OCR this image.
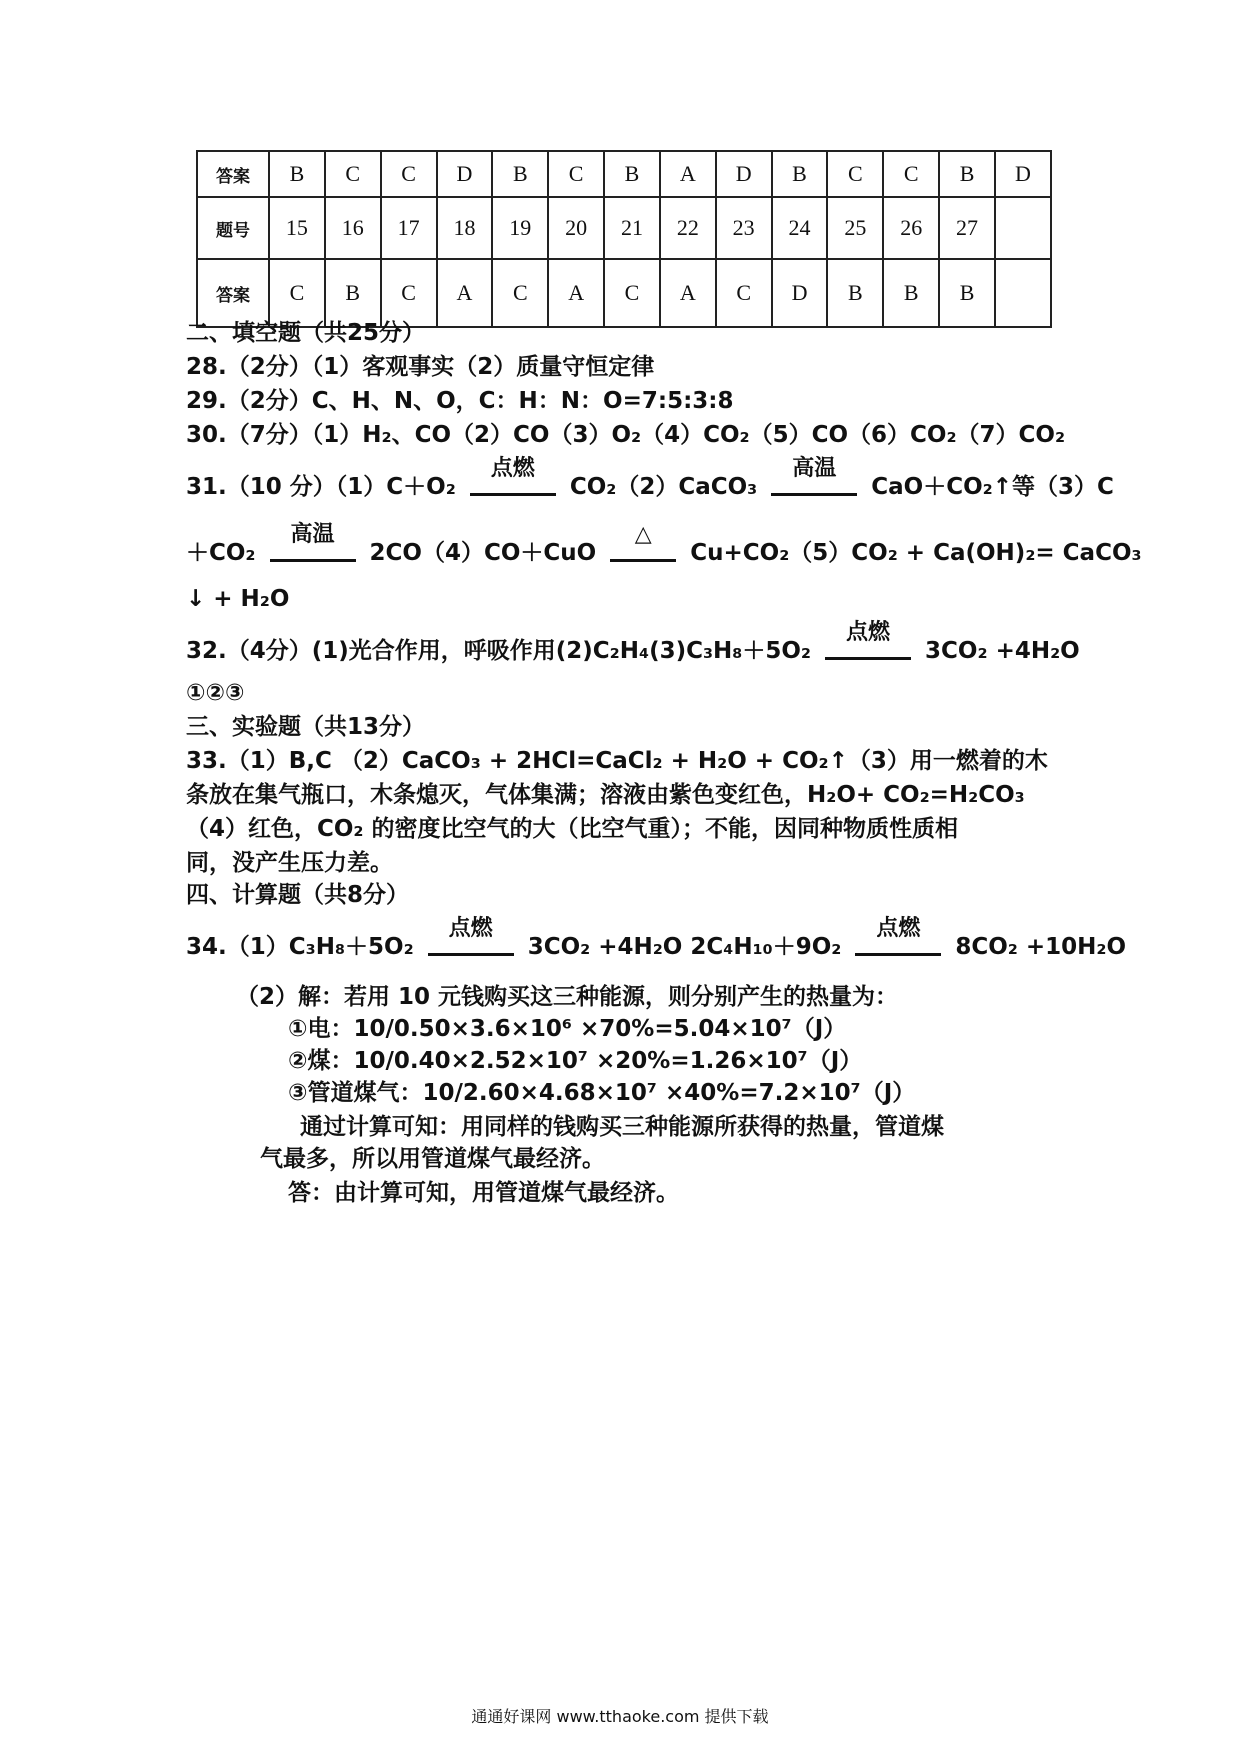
答案	B	C	C	D	B	C	B	A	D	B	C	C	B	D
题号	15	16	17	18	19	20	21	22	23	24	25	26	27	
答案	C	B	C	A	C	A	C	A	C	D	B	B	B	
二、填空题（共25分）
28.（2分）（1）客观事实（2）质量守恒定律
29.（2分）C、H、N、O，C：H：N：O=7:5:3:8
30.（7分）（1）H₂、CO（2）CO（3）O₂（4）CO₂（5）CO（6）CO₂（7）CO₂
31.（10 分）（1）C＋O₂
点燃
CO₂（2）CaCO₃
高温
CaO＋CO₂↑等（3）C
＋CO₂
高温
2CO（4）CO＋CuO
△
Cu+CO₂（5）CO₂ + Ca(OH)₂= CaCO₃
↓ + H₂O
32.（4分）(1)光合作用，呼吸作用(2)C₂H₄(3)C₃H₈＋5O₂
点燃
3CO₂ +4H₂O
①②③
三、实验题（共13分）
33.（1）B,C （2）CaCO₃ + 2HCl=CaCl₂ + H₂O + CO₂↑（3）用一燃着的木
条放在集气瓶口，木条熄灭，气体集满；溶液由紫色变红色，H₂O+ CO₂=H₂CO₃
（4）红色，CO₂ 的密度比空气的大（比空气重）；不能，因同种物质性质相
同，没产生压力差。
四、计算题（共8分）
34.（1）C₃H₈＋5O₂
点燃
3CO₂ +4H₂O 2C₄H₁₀＋9O₂
点燃
8CO₂ +10H₂O
（2）解：若用 10 元钱购买这三种能源，则分别产生的热量为：
①电：10/0.50×3.6×10⁶ ×70%=5.04×10⁷（J）
②煤：10/0.40×2.52×10⁷ ×20%=1.26×10⁷（J）
③管道煤气：10/2.60×4.68×10⁷ ×40%=7.2×10⁷（J）
通过计算可知：用同样的钱购买三种能源所获得的热量，管道煤
气最多，所以用管道煤气最经济。
答：由计算可知，用管道煤气最经济。
通通好课网 www.tthaoke.com 提供下载
